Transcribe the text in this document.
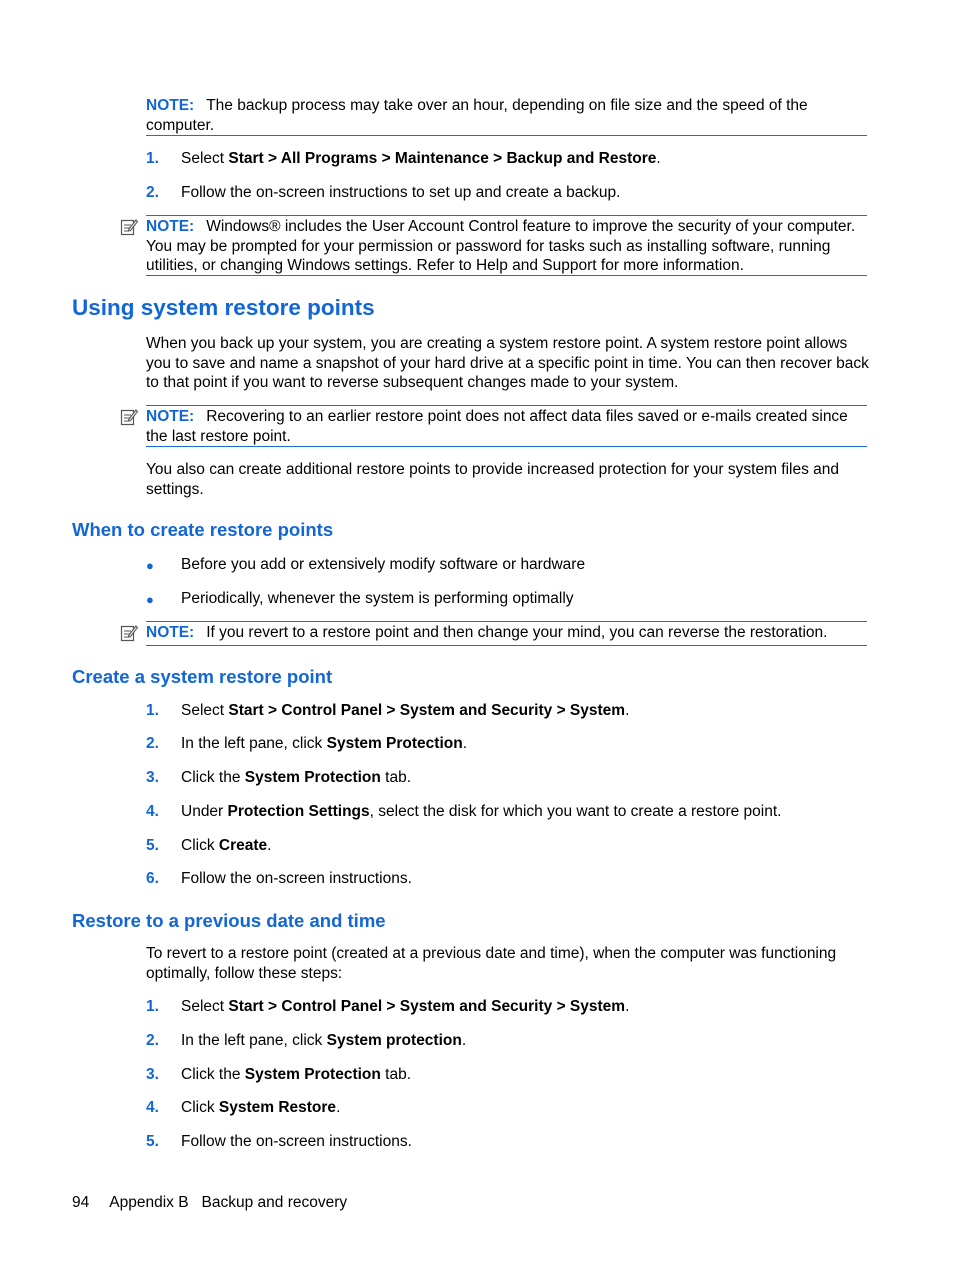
NOTE: The backup process may take over an hour, depending on file size and the speed of the computer.
1. Select Start > All Programs > Maintenance > Backup and Restore.
2. Follow the on-screen instructions to set up and create a backup.
NOTE: Windows® includes the User Account Control feature to improve the security of your computer. You may be prompted for your permission or password for tasks such as installing software, running utilities, or changing Windows settings. Refer to Help and Support for more information.
Using system restore points
When you back up your system, you are creating a system restore point. A system restore point allows you to save and name a snapshot of your hard drive at a specific point in time. You can then recover back to that point if you want to reverse subsequent changes made to your system.
NOTE: Recovering to an earlier restore point does not affect data files saved or e-mails created since the last restore point.
You also can create additional restore points to provide increased protection for your system files and settings.
When to create restore points
● Before you add or extensively modify software or hardware
● Periodically, whenever the system is performing optimally
NOTE: If you revert to a restore point and then change your mind, you can reverse the restoration.
Create a system restore point
1. Select Start > Control Panel > System and Security > System.
2. In the left pane, click System Protection.
3. Click the System Protection tab.
4. Under Protection Settings, select the disk for which you want to create a restore point.
5. Click Create.
6. Follow the on-screen instructions.
Restore to a previous date and time
To revert to a restore point (created at a previous date and time), when the computer was functioning optimally, follow these steps:
1. Select Start > Control Panel > System and Security > System.
2. In the left pane, click System protection.
3. Click the System Protection tab.
4. Click System Restore.
5. Follow the on-screen instructions.
94 Appendix B Backup and recovery
